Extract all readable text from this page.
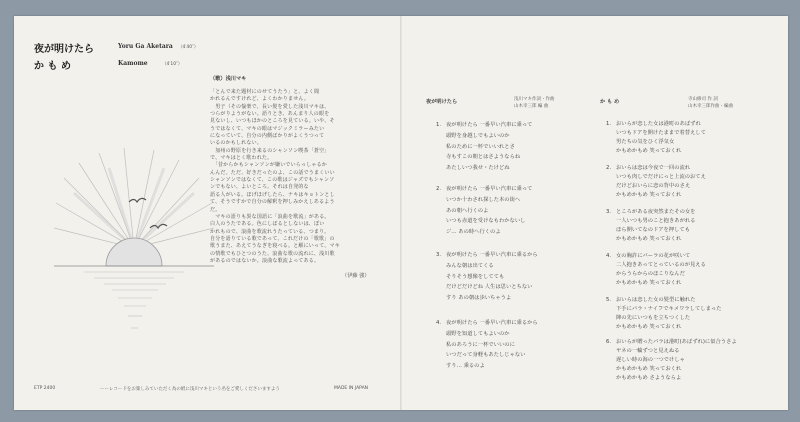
夜が明けたら	Yoru Ga Aketara （4′40″）
か も め	Kamome	（4′10″）
（歌）浅川マキ

「とんで来た題材にのせてうたう」と、よく聞

かれるんですけれど、よくわかりません。

　男子（その愉楽で、長い髪を愛した浅川マキは、

つらがりようがない。語りとき、あんまり人の眼を

見ないし、いつもほかのところを見ている。いや、そ

うではなくて、マキの眼はマジックミラーみたい

になっていて、自分の内側ばかりがよくうつって

いるのかもしれない。

　加州の野原を行き来るのシャンソン喫茶「蒼空」

で、マキはとく歌われた。

　「昔からかもシャンソンが嫌いでいらっしゃるか

んんだ。ただ、好きだったのよ、この話でうまくいい

シャンソンではなくて、この歌はジャズでもシャンソ

ンでもない、よいところ。それは自発的な

語る人がいる。ほげほげしたら、ナキはキョトンとし

て、そうですかで自分の解釈を押しみかえしあるよう

だ。

　マキの語りも異な国語に「浪曲を歌流」がある。

白人のうたである。色にしばるとしないは、ぽい

かれもので、浪曲を歌流れうたっている、つまり。

自分を語りている歌であって、これだけの「歌歌」の

歌うまた、あえてうなぎを寝べる。と解にいって、マキ

の情歌でもひとつのうた、浪曲な歌の流れに、浅川歌

があるのではないか。浪曲な歌流よってある。

（伊藤 強）
ETP 2400	ーーレコードをお楽しみていただく為の紙に浅川マキという名をご愛しくださいますよう	MADE IN JAPAN
夜が明けたら	浅川マキ作詞・作曲
山木幸三郎 編 曲
1. 夜が明けたら 一番早い汽車に乗って
頭野を身越しでもよいのか
私のために一杯でいいれとさ
寺もすこの朝とはさようならね
あたしいつ我せ・たけどね
2. 夜が明けたら 一番早い汽車に乗って
いつか十わされ探した本の街へ
あの朝へ行くのよ
いつも赤道を受けなもわかないし
ジ… あの時へ行くのよ
3. 夜が明けたら 一番早い汽車に乗るから
みんな朝は出てくる
そりそう想像をしてても
だけどだけどね 人生は思いとちない
すり あの朝は歩いちゃうよ
4. 夜が明けたら 一番早い汽車に乗るから
頭野を知道してもよいのか
私のあろうに一杯でいいのに
いつだって身軽もあたしじゃない
すり… 乗るのよ
か も め	寺山修司 作 詞
山木幸三郎作曲・編曲
1. おいらが恋した女は港町のあばずれ
いつもドアを開けたままで着替えして
男たちの気をひく浮気女
かもめかもめ 笑っておくれ
2. おいらは恋は今夜で一回の流れ
いつも肉しでだけにっと上流のおてえ
だけどおいらに恋の背中のさえ
かもめかもめ 笑っておくれ
3. ところがある夜突然またその女を
一人いつも男のこと抱きあがれる
ほら開いてなのドアを押しても
かもめかもめ 笑っておくれ
4. 女の胸許にバーラの花が咲いて
二人抱きあってとっているのが見える
からうらからのほこりなんだ
かもめかもめ 笑っておくれ
5. おいらは恋した女の髪型に触れた
下手にバラ・ナイフでキメワラしてしまった
陣の先にいつもを立ちつくした
かもめかもめ 笑っておくれ
6. おいらが贈ったバラは港町(あばずれ)に似合うさよ
ヤネの一輪ずつと見えぬる
遅しい時の海の一つでけしゃ
かもめかもめ 笑っておくれ
かもめかもめ さようならよ
